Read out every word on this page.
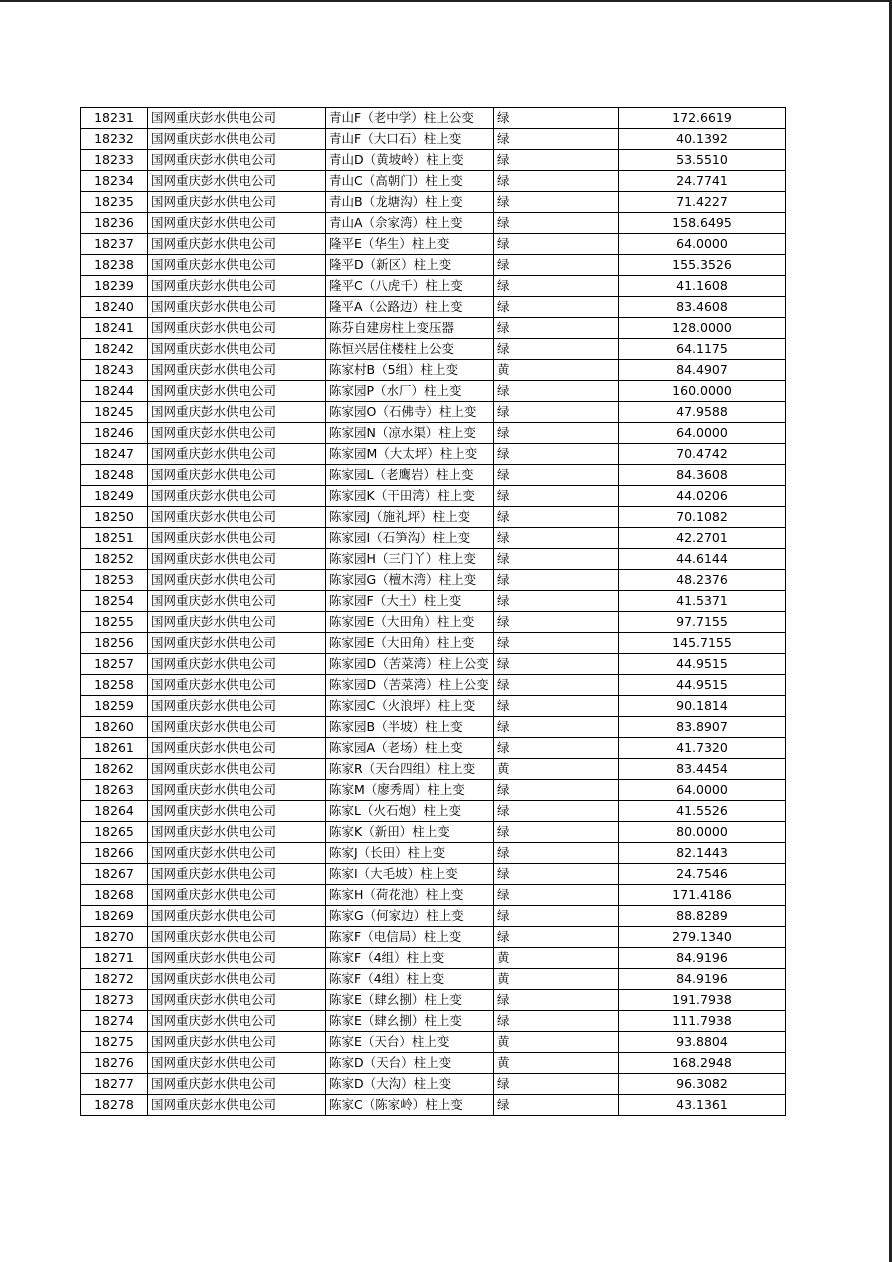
18231	国网重庆彭水供电公司	青山F（老中学）柱上公变	绿	172.6619
18232	国网重庆彭水供电公司	青山F（大口石）柱上变	绿	40.1392
18233	国网重庆彭水供电公司	青山D（黄坡岭）柱上变	绿	53.5510
18234	国网重庆彭水供电公司	青山C（高朝门）柱上变	绿	24.7741
18235	国网重庆彭水供电公司	青山B（龙塘沟）柱上变	绿	71.4227
18236	国网重庆彭水供电公司	青山A（佘家湾）柱上变	绿	158.6495
18237	国网重庆彭水供电公司	隆平E（华生）柱上变	绿	64.0000
18238	国网重庆彭水供电公司	隆平D（新区）柱上变	绿	155.3526
18239	国网重庆彭水供电公司	隆平C（八虎千）柱上变	绿	41.1608
18240	国网重庆彭水供电公司	隆平A（公路边）柱上变	绿	83.4608
18241	国网重庆彭水供电公司	陈芬自建房柱上变压器	绿	128.0000
18242	国网重庆彭水供电公司	陈恒兴居住楼柱上公变	绿	64.1175
18243	国网重庆彭水供电公司	陈家村B（5组）柱上变	黄	84.4907
18244	国网重庆彭水供电公司	陈家园P（水厂）柱上变	绿	160.0000
18245	国网重庆彭水供电公司	陈家园O（石佛寺）柱上变	绿	47.9588
18246	国网重庆彭水供电公司	陈家园N（凉水渠）柱上变	绿	64.0000
18247	国网重庆彭水供电公司	陈家园M（大太坪）柱上变	绿	70.4742
18248	国网重庆彭水供电公司	陈家园L（老鹰岩）柱上变	绿	84.3608
18249	国网重庆彭水供电公司	陈家园K（干田湾）柱上变	绿	44.0206
18250	国网重庆彭水供电公司	陈家园J（施礼坪）柱上变	绿	70.1082
18251	国网重庆彭水供电公司	陈家园I（石笋沟）柱上变	绿	42.2701
18252	国网重庆彭水供电公司	陈家园H（三门丫）柱上变	绿	44.6144
18253	国网重庆彭水供电公司	陈家园G（檀木湾）柱上变	绿	48.2376
18254	国网重庆彭水供电公司	陈家园F（大土）柱上变	绿	41.5371
18255	国网重庆彭水供电公司	陈家园E（大田角）柱上变	绿	97.7155
18256	国网重庆彭水供电公司	陈家园E（大田角）柱上变	绿	145.7155
18257	国网重庆彭水供电公司	陈家园D（苦菜湾）柱上公变	绿	44.9515
18258	国网重庆彭水供电公司	陈家园D（苦菜湾）柱上公变	绿	44.9515
18259	国网重庆彭水供电公司	陈家园C（火浪坪）柱上变	绿	90.1814
18260	国网重庆彭水供电公司	陈家园B（半坡）柱上变	绿	83.8907
18261	国网重庆彭水供电公司	陈家园A（老场）柱上变	绿	41.7320
18262	国网重庆彭水供电公司	陈家R（天台四组）柱上变	黄	83.4454
18263	国网重庆彭水供电公司	陈家M（廖秀周）柱上变	绿	64.0000
18264	国网重庆彭水供电公司	陈家L（火石炮）柱上变	绿	41.5526
18265	国网重庆彭水供电公司	陈家K（新田）柱上变	绿	80.0000
18266	国网重庆彭水供电公司	陈家J（长田）柱上变	绿	82.1443
18267	国网重庆彭水供电公司	陈家I（大毛坡）柱上变	绿	24.7546
18268	国网重庆彭水供电公司	陈家H（荷花池）柱上变	绿	171.4186
18269	国网重庆彭水供电公司	陈家G（何家边）柱上变	绿	88.8289
18270	国网重庆彭水供电公司	陈家F（电信局）柱上变	绿	279.1340
18271	国网重庆彭水供电公司	陈家F（4组）柱上变	黄	84.9196
18272	国网重庆彭水供电公司	陈家F（4组）柱上变	黄	84.9196
18273	国网重庆彭水供电公司	陈家E（肆幺捌）柱上变	绿	191.7938
18274	国网重庆彭水供电公司	陈家E（肆幺捌）柱上变	绿	111.7938
18275	国网重庆彭水供电公司	陈家E（天台）柱上变	黄	93.8804
18276	国网重庆彭水供电公司	陈家D（天台）柱上变	黄	168.2948
18277	国网重庆彭水供电公司	陈家D（大沟）柱上变	绿	96.3082
18278	国网重庆彭水供电公司	陈家C（陈家岭）柱上变	绿	43.1361
